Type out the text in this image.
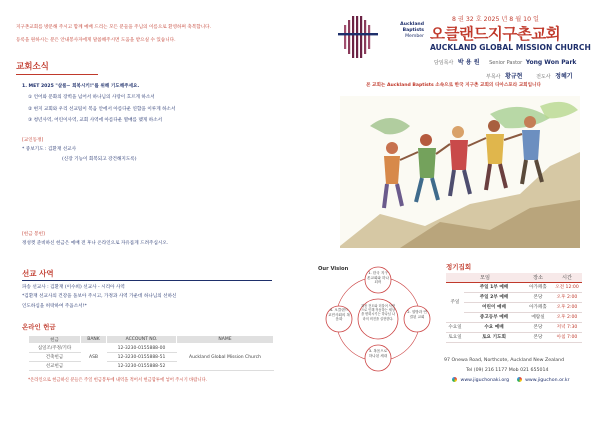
지구촌교회를 방문해 주시고 함께 예배 드리는 모든 분들을 주님의 이름으로 환영하며 축복합니다.
등록을 원하시는 분은 안내봉사자에게 말씀해주시면 도움을 받으실 수 있습니다.
교회소식
1. MET 2025 "살롬~ 회복시키!"를 위해 기도해주세요.
① 언어와 문화의 장벽을 넘어서 하나님의 사랑이 흐르게 하소서
② 현지 교회와 우리 선교팀이 복음 안에서 아름다운 연합을 이루게 하소서
③ 청년사역, 어린이사역, 교회 사역에 아름다운 열매를 맺게 하소서
[교인동정]
* 중보기도 : 김환재 선교사
(신장 기능이 회복되고 강건해지도록)
[헌금 봉헌]
정성껏 준비하신 헌금은 예배 전 후나 온라인으로 자유롭게 드려주십시오.
선교 사역
파송 선교사 : 김환재 (이수희) 선교사 - 시리아 사역
*김환재 선교사의 건강을 돌보아 주시고, 가정과 사역 가운데 하나님의 선하신
인도하심을 허락하여 주옵소서!*
온라인 헌금
헌금	BANK	ACCOUNT NO.	NAME
십일조/주정/기타	ASB	12-3230-0155888-00	Auckland Global Mission Church
건축헌금		12-3230-0155888-51	
선교헌금		12-3230-0155888-52	
*온라인으로 헌금하신 분들은 주일 헌금봉투에 내역을 적어서 헌금함투에 넣어 주시기 바랍니다.
8 권 32 호 2025 년 8 월 10 일
Auckland
Baptists
Member 오클랜드지구촌교회
AUCKLAND GLOBAL MISSION CHURCH
담임목사 박 용 원 Senior Pastor Yong Won Park
부목사 황규현	전도사 정혜기
본 교회는 Auckland Baptists 소속으로 한국 지구촌 교회의 디아스포라 교회입니다
Our Vision
1. 한국 지구촌교회와 하나되어
2. 열방과 연결된 교회
3. 복음으로 하나된 세대
4. 오클랜드 교민사회의 복음화
복음 전도와 더불어 사람으로 인해 작동하는 세상을 변화시키는 하나님 나라의 비전을 실현한다.
정기집회
모임		장소	시간
주일	주일 1부 예배	아가페홀	오전 12:00
	주일 2부 예배	본당	오후 2:00
	어린이 예배	아가페홀	오후 2:00
	중고등부 예배	예람실	오후 2:00
수요일	수요 예배	본당	저녁 7:30
토요일	토요 기도회	본당	아침 7:00
97 Onewa Road, Northcote, Auckland New Zealand
Tel (09) 216 1177 Mob 021 655014
www.jiguchonaki.org	www.jiguchon.or.kr
